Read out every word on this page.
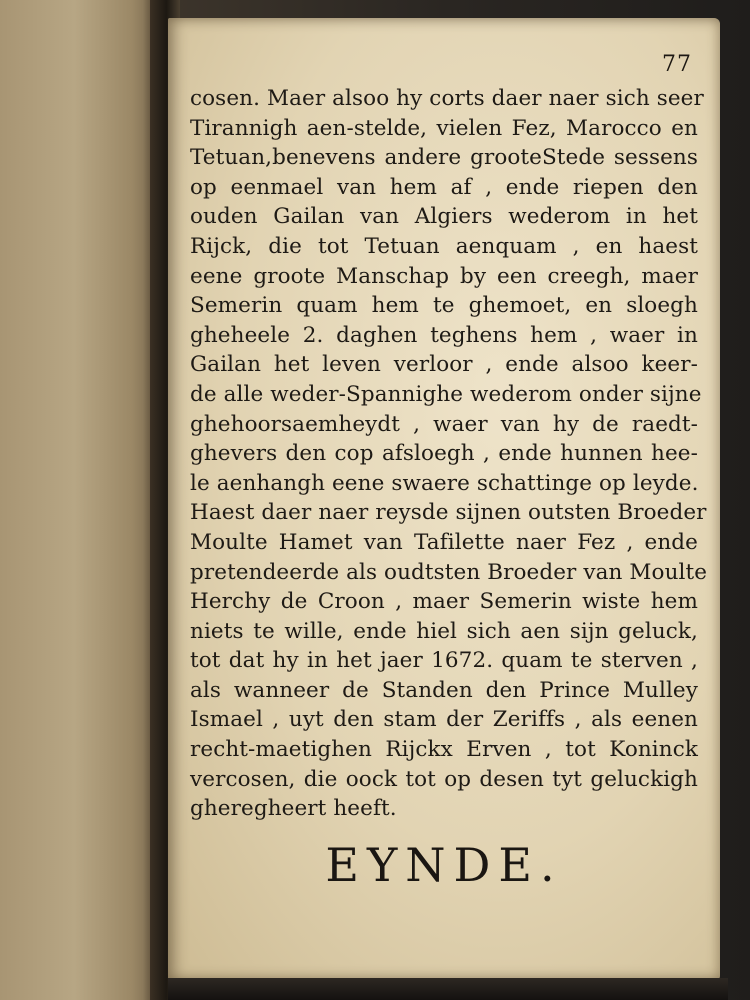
77
cosen. Maer alsoo hy corts daer naer sich seer
Tirannigh aen-stelde, vielen Fez, Marocco en
Tetuan,benevens andere grooteStede sessens
op eenmael van hem af , ende riepen den
ouden Gailan van Algiers wederom in het
Rijck, die tot Tetuan aenquam , en haest
eene groote Manschap by een creegh, maer
Semerin quam hem te ghemoet, en sloegh
gheheele 2. daghen teghens hem , waer in
Gailan het leven verloor , ende alsoo keer-
de alle weder-Spannighe wederom onder sijne
ghehoorsaemheydt , waer van hy de raedt-
ghevers den cop afsloegh , ende hunnen hee-
le aenhangh eene swaere schattinge op leyde.
Haest daer naer reysde sijnen outsten Broeder
Moulte Hamet van Tafilette naer Fez , ende
pretendeerde als oudtsten Broeder van Moulte
Herchy de Croon , maer Semerin wiste hem
niets te wille, ende hiel sich aen sijn geluck,
tot dat hy in het jaer 1672. quam te sterven ,
als wanneer de Standen den Prince Mulley
Ismael , uyt den stam der Zeriffs , als eenen
recht-maetighen Rijckx Erven , tot Koninck
vercosen, die oock tot op desen tyt geluckigh
gheregheert heeft.
EYNDE.
